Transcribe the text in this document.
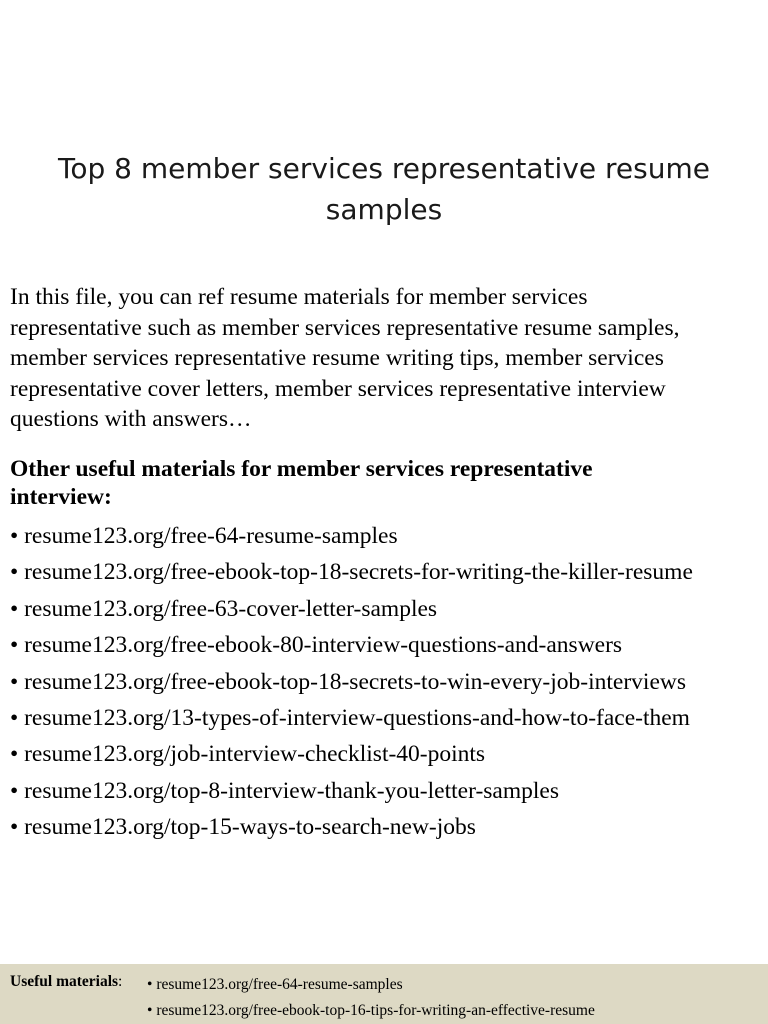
Top 8 member services representative resume
samples
In this file, you can ref resume materials for member services
representative such as member services representative resume samples,
member services representative resume writing tips, member services
representative cover letters, member services representative interview
questions with answers…
Other useful materials for member services representative
interview:
• resume123.org/free-64-resume-samples
• resume123.org/free-ebook-top-18-secrets-for-writing-the-killer-resume
• resume123.org/free-63-cover-letter-samples
• resume123.org/free-ebook-80-interview-questions-and-answers
• resume123.org/free-ebook-top-18-secrets-to-win-every-job-interviews
• resume123.org/13-types-of-interview-questions-and-how-to-face-them
• resume123.org/job-interview-checklist-40-points
• resume123.org/top-8-interview-thank-you-letter-samples
• resume123.org/top-15-ways-to-search-new-jobs
Useful materials: • resume123.org/free-64-resume-samples
• resume123.org/free-ebook-top-16-tips-for-writing-an-effective-resume
